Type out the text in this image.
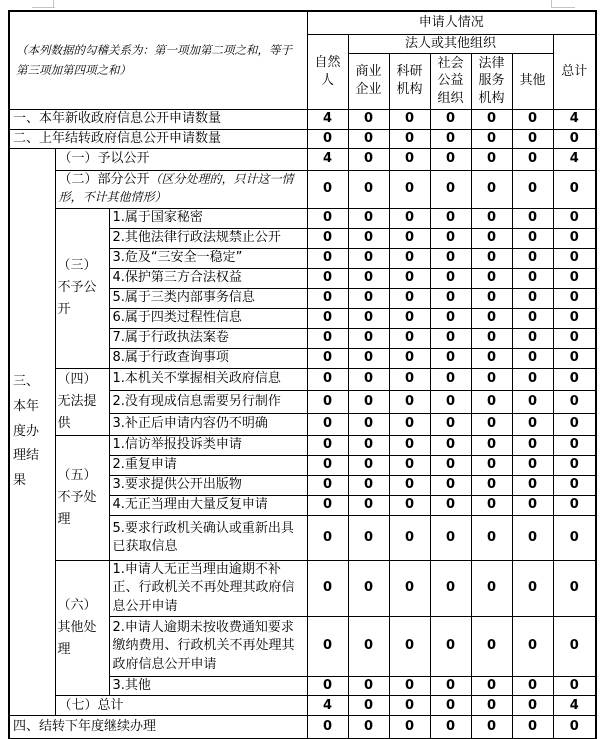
（本列数据的勾稽关系为：第一项加第二项之和，等于第三项加第四项之和）			申请人情况						
			自然人	法人或其他组织					总计
				商业企业	科研机构	社会公益组织	法律服务机构	其他	
一、本年新收政府信息公开申请数量			4	0	0	0	0	0	4
二、上年结转政府信息公开申请数量			0	0	0	0	0	0	0
三、本年度办理结果	（一）予以公开		4	0	0	0	0	0	4
	（二）部分公开（区分处理的，只计这一情形，不计其他情形）		0	0	0	0	0	0	0
	（三）不予公开	1.属于国家秘密	0	0	0	0	0	0	0
		2.其他法律行政法规禁止公开	0	0	0	0	0	0	0
		3.危及“三安全一稳定”	0	0	0	0	0	0	0
		4.保护第三方合法权益	0	0	0	0	0	0	0
		5.属于三类内部事务信息	0	0	0	0	0	0	0
		6.属于四类过程性信息	0	0	0	0	0	0	0
		7.属于行政执法案卷	0	0	0	0	0	0	0
		8.属于行政查询事项	0	0	0	0	0	0	0
	（四）无法提供	1.本机关不掌握相关政府信息	0	0	0	0	0	0	0
		2.没有现成信息需要另行制作	0	0	0	0	0	0	0
		3.补正后申请内容仍不明确	0	0	0	0	0	0	0
	（五）不予处理	1.信访举报投诉类申请	0	0	0	0	0	0	0
		2.重复申请	0	0	0	0	0	0	0
		3.要求提供公开出版物	0	0	0	0	0	0	0
		4.无正当理由大量反复申请	0	0	0	0	0	0	0
		5.要求行政机关确认或重新出具已获取信息	0	0	0	0	0	0	0
	（六）其他处理	1.申请人无正当理由逾期不补正、行政机关不再处理其政府信息公开申请	0	0	0	0	0	0	0
		2.申请人逾期未按收费通知要求缴纳费用、行政机关不再处理其政府信息公开申请	0	0	0	0	0	0	0
		3.其他	0	0	0	0	0	0	0
	（七）总计		4	0	0	0	0	0	4
四、结转下年度继续办理			0	0	0	0	0	0	0
